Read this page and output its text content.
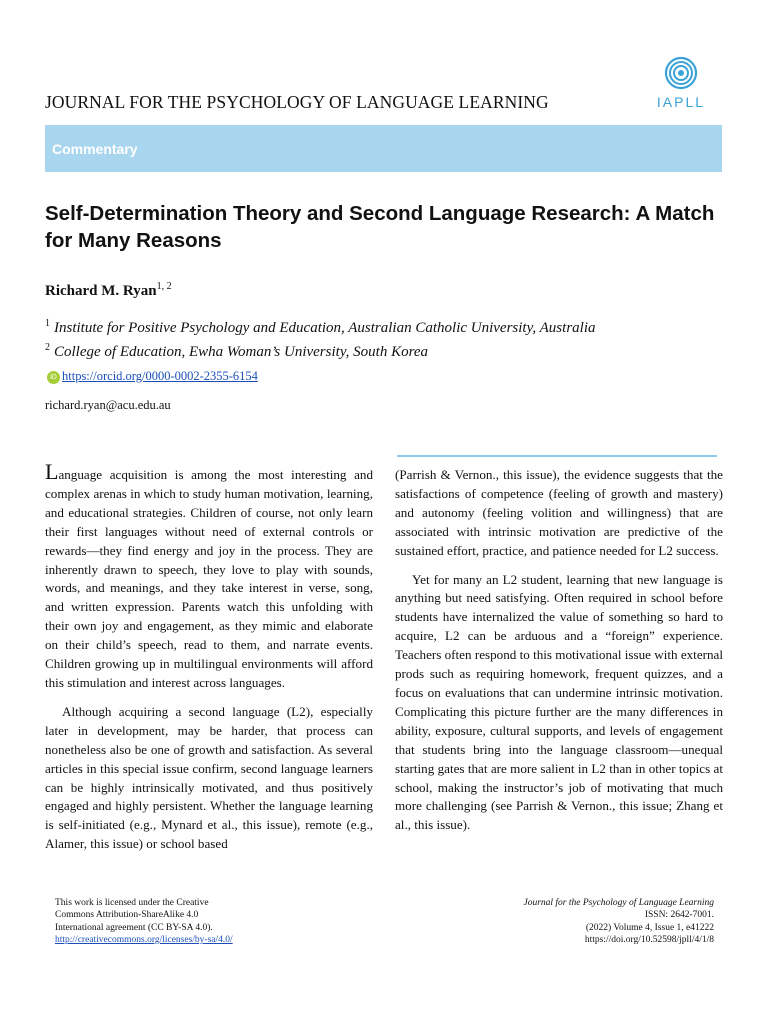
JOURNAL FOR THE PSYCHOLOGY OF LANGUAGE LEARNING	IAPLL
Commentary
Self-Determination Theory and Second Language Research: A Match for Many Reasons
Richard M. Ryan$^{1, 2}$
$^1$ Institute for Positive Psychology and Education, Australian Catholic University, Australia
$^2$ College of Education, Ewha Woman’s University, South Korea
iD https://orcid.org/0000-0002-2355-6154
richard.ryan@acu.edu.au

Language acquisition is among the most interesting and complex arenas in which to study human motivation, learning, and educational strategies. Children of course, not only learn their first languages without need of external controls or rewards—they find energy and joy in the process. They are inherently drawn to speech, they love to play with sounds, words, and meanings, and they take interest in verse, song, and written expression. Parents watch this unfolding with their own joy and engagement, as they mimic and elaborate on their child’s speech, read to them, and narrate events. Children growing up in multilingual environments will afford this stimulation and interest across languages.

Although acquiring a second language (L2), especially later in development, may be harder, that process can nonetheless also be one of growth and satisfaction. As several articles in this special issue confirm, second language learners can be highly intrinsically motivated, and thus positively engaged and highly persistent. Whether the language learning is self-initiated (e.g., Mynard et al., this issue), remote (e.g., Alamer, this issue) or school based

(Parrish & Vernon., this issue), the evidence suggests that the satisfactions of competence (feeling of growth and mastery) and autonomy (feeling volition and willingness) that are associated with intrinsic motivation are predictive of the sustained effort, practice, and patience needed for L2 success.

Yet for many an L2 student, learning that new language is anything but need satisfying. Often required in school before students have internalized the value of something so hard to acquire, L2 can be arduous and a “foreign” experience. Teachers often respond to this motivational issue with external prods such as requiring homework, frequent quizzes, and a focus on evaluations that can undermine intrinsic motivation. Complicating this picture further are the many differences in ability, exposure, cultural supports, and levels of engagement that students bring into the language classroom—unequal starting gates that are more salient in L2 than in other topics at school, making the instructor’s job of motivating that much more challenging (see Parrish & Vernon., this issue; Zhang et al., this issue).

This work is licensed under the Creative
Commons Attribution-ShareAlike 4.0
International agreement (CC BY-SA 4.0).
http://creativecommons.org/licenses/by-sa/4.0/
Journal for the Psychology of Language Learning
ISSN: 2642-7001.
(2022) Volume 4, Issue 1, e41222
https://doi.org/10.52598/jpll/4/1/8
